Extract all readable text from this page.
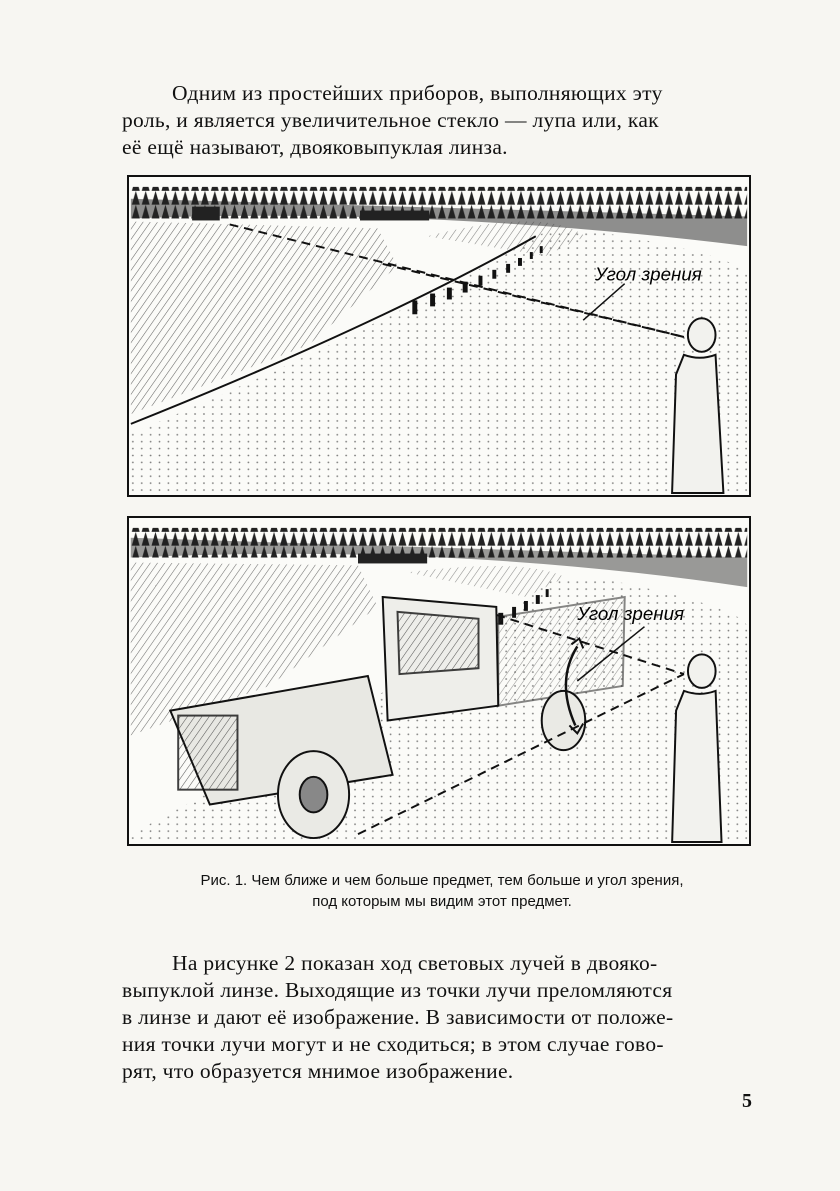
Одним из простейших приборов, выполняющих эту
роль, и является увеличительное стекло — лупа или, как
её ещё называют, двояковыпуклая линза.

Угол зрения
Угол зрения
Рис. 1. Чем ближе и чем больше предмет, тем больше и угол зрения,
под которым мы видим этот предмет.

На рисунке 2 показан ход световых лучей в двояко-
выпуклой линзе. Выходящие из точки лучи преломляются
в линзе и дают её изображение. В зависимости от положе-
ния точки лучи могут и не сходиться; в этом случае гово-
рят, что образуется мнимое изображение.

5
